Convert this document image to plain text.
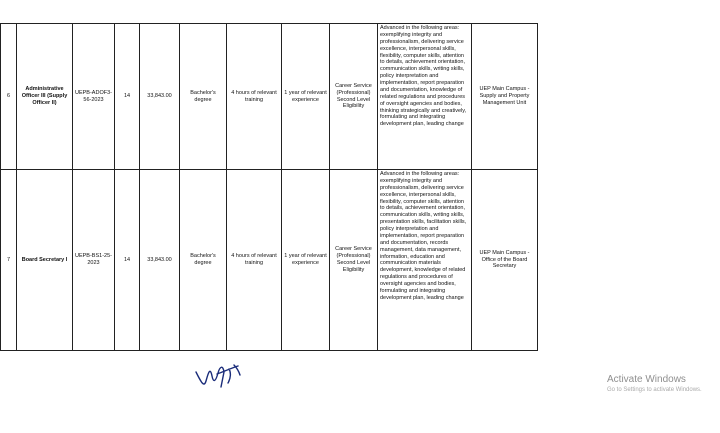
6	Administrative Officer III (Supply Officer II)	UEPB-ADOF3-56-2023	14	33,843.00	Bachelor's degree	4 hours of relevant training	1 year of relevant experience	Career Service (Professional) Second Level Eligibility	Advanced in the following areas: exemplifying integrity and professionalism, delivering service excellence, interpersonal skills, flexibility, computer skills, attention to details, achievement orientation, communication skills, writing skills, policy interpretation and implementation, report preparation and documentation, knowledge of related regulations and procedures of oversight agencies and bodies, thinking strategically and creatively, formulating and integrating development plan, leading change	UEP Main Campus - Supply and Property Management Unit
7	Board Secretary I	UEPB-BS1-25-2023	14	33,843.00	Bachelor's degree	4 hours of relevant training	1 year of relevant experience	Career Service (Professional) Second Level Eligibility	Advanced in the following areas: exemplifying integrity and professionalism, delivering service excellence, interpersonal skills, flexibility, computer skills, attention to details, achievement orientation, communication skills, writing skills, presentation skills, facilitation skills, policy interpretation and implementation, report preparation and documentation, records management, data management, information, education and communication materials development, knowledge of related regulations and procedures of oversight agencies and bodies, formulating and integrating development plan, leading change	UEP Main Campus - Office of the Board Secretary
Activate Windows
Go to Settings to activate Windows.
